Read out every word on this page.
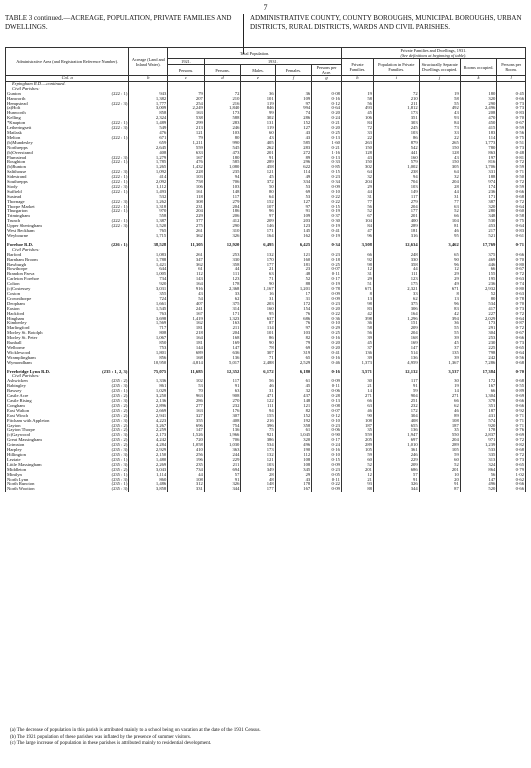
7
TABLE 3 continued.—ACREAGE, POPULATION, PRIVATE FAMILIES AND DWELLINGS.
ADMINISTRATIVE COUNTY, COUNTY BOROUGHS, MUNICIPAL BOROUGHS, URBAN DISTRICTS, RURAL DISTRICTS, WARDS AND CIVIL PARISHES.
Administrative Area (and Registration Reference Number).	Acreage (Land and Inland Water).	Total Population.					Private Families and Dwellings, 1931.
(See definitions at beginning of table).				
		1921.	1931.				Private Families.	Population in Private Families.	Structurally Separate Dwellings occupied.	Rooms occupied.	Persons per Room.
		Persons.	Persons.	Males.	Females.	Persons per Acre.					
Col. a	b	c	d	e	f	g	h	i	j	k	l
Erpingham R.D.—continued.											
Civil Parishes:											
Gunton (222 : 1)	943	79	72	36	36	0·08	19	72	19	180	0·45
Hanworth	1,382	207	210	101	109	0·16	58	210	58	320	0·66
Hempstead (222 : 3)	1,777	254	216	119	97	0·12	56	211	55	290	0·73
(a)Holt	3,009	2,249	1,840	846	994	0·64	493	1,812	492	2,496	0·73
Hunworth	858	163	173	99	74	0·20	45	173	43	208	0·83
Kelling	2,324	538	588	302	286	0·24	106	351	93	470	0·70
*Knapton (222 : 1)	1,489	299	283	131	152	0·21	84	303	84	450	0·67
Letheringsett (222 : 3)	549	213	246	119	127	0·20	72	245	73	415	0·59
Matlask	476	121	103	60	43	0·25	33	103	33	183	0·56
Melton (222 : 1)	671	79	80	43	43	0·13	22	86	22	114	0·75
(b)Mundesley	659	1,211	990	405	585	1·60	263	879	265	1,773	0·51
Northrepps	2,645	559	545	262	283	0·21	150	542	150	780	0·73
(b)Overstrand	408	633	473	201	272	1·16	128	441	128	863	0·48
Plumstead (222 : 3)	1,279	167	180	91	89	0·13	43	160	43	197	0·81
Roughton (222 : 1)	1,785	476	585	289	296	0·33	150	579	150	816	0·72
(b)Runton	1,265	1,432	1,080	458	622	0·85	302	1,002	305	1,706	0·59
Saltthouse (222 : 3)	1,092	228	235	121	114	0·15	64	238	64	331	0·71
Sidestrand (222 : 1)	414	103	94	45	49	0·23	32	94	32	188	0·50
Southrepps (222 : 1)	2,092	758	706	372	334	0·34	204	704	204	974	0·72
Stody (222 : 3)	1,112	106	103	50	53	0·09	29	103	28	174	0·59
Suffield (222 : 1)	1,493	161	148	80	69	0·10	44	149	44	236	0·66
Sustead	532	118	117	64	53	0·22	31	117	31	171	0·68
Thornage (222 : 3)	1,262	308	279	152	127	0·22	77	279	77	387	0·72
Thorpe Market (222 : 1)	1,318	231	204	107	97	0·15	56	204	63	320	0·64
Thurgarton (222 : 1)	970	204	186	96	91	0·19	52	177	52	280	0·60
Trimingham	558	229	206	97	109	0·37	67	201	66	348	0·58
Trunch (222 : 1)	1,387	377	412	209	203	0·30	104	400	104	530	0·75
Upper Sheringham (222 : 3)	1,520	275	290	146	123	0·19	84	289	81	453	0·64
West Beckham	765	261	310	171	145	0·41	47	181	46	217	0·83
Weybourne	1,715	362	326	164	162	0·19	96	316	95	521	0·61

Forehoe R.D. (226 : 1)	38,528	11,305	12,920	6,495	6,425	0·34	3,508	12,634	3,462	17,769	0·71
Civil Parishes:											
Barford	1,083	261	253	132	121	0·23	66	248	65	375	0·66
Barnham Broom	1,788	347	330	170	160	0·18	92	330	90	469	0·70
Bawburgh	1,421	362	358	177	181	0·25	98	358	96	446	0·80
Bowthorpe	644	61	44	21	23	0·07	12	44	12	66	0·67
Brandon Parva	1,005	112	111	63	48	0·11	31	111	29	155	0·72
Carleton Forehoe	734	143	123	71	52	0·17	29	123	29	195	0·63
Colton	920	164	178	90	88	0·19	51	175	49	236	0·74
(c)Costessey	3,031	916	2,368	1,167	1,201	0·78	671	2,321	671	2,932	0·80
Coston	355	43	33	16	17	0·09	8	33	8	52	0·63
Crownthorpe	724	54	62	31	31	0·09	13	62	13	80	0·78
Deopham	1,661	407	375	203	172	0·23	98	375	96	534	0·70
Easton	1,545	241	314	160	154	0·20	83	306	83	417	0·73
Hackford	763	167	171	95	76	0·22	42	164	42	227	0·72
Hingham	3,698	1,419	1,323	637	686	0·36	398	1,296	394	2,029	0·64
Kimberley	1,569	162	163	87	76	0·10	36	151	36	173	0·87
Marlingford	717	181	211	114	97	0·29	58	209	55	291	0·72
Morley St. Botolph	808	218	204	101	103	0·25	56	204	55	304	0·67
Morley St. Peter	1,067	164	168	86	82	0·16	39	168	39	253	0·66
Runhall	850	181	169	90	79	0·20	45	169	45	230	0·73
Welborne	753	144	147	78	69	0·20	37	147	37	225	0·65
Wicklewood	1,801	689	636	307	319	0·41	136	514	135	798	0·64
Wramplingham	856	168	136	71	65	0·16	39	136	39	242	0·56
Wymondham	10,950	4,814	5,017	2,488	2,529	0·46	1,373	4,959	1,367	7,286	0·68

Freebridge Lynn R.D. (235 : 1, 2, 3)	75,075	11,685	12,352	6,172	6,180	0·16	3,571	12,132	3,537	17,384	0·70
Civil Parishes:											
Ashwicken (235 : 2)	1,336	102	117	56	61	0·09	30	117	30	172	0·68
Babingley (235 : 3)	861	53	91	46	45	0·11	21	91	19	167	0·55
Bawsey (235 : 1)	1,029	70	63	31	32	0·06	14	59	14	66	0·89
Castle Acre (235 : 2)	3,250	963	908	471	437	0·28	271	904	271	1,304	0·69
Castle Rising (235 : 3)	2,136	286	270	122	148	0·13	66	251	66	378	0·66
Congham (235 : 2)	2,896	277	232	111	121	0·08	63	232	62	351	0·66
East Walton (235 : 2)	2,669	163	176	94	82	0·07	46	172	46	187	0·92
East Winch (235 : 2)	2,941	327	307	155	152	0·12	90	304	89	431	0·71
Fitcham with Appleton (235 : 3)	4,223	355	408	216	192	0·10	108	408	108	574	0·71
Gayton (235 : 2)	3,267	696	754	396	358	0·23	187	655	187	920	0·71
Gayton Thorpe (235 : 2)	2,259	147	136	75	61	0·06	35	136	35	178	0·76
(c)Gaywood (235 : 3)	2,173	1,526	1,966	921	1,045	0·90	559	1,947	550	2,837	0·69
Great Massingham (235 : 2)	4,242	720	706	386	320	0·17	205	697	204	971	0·72
Grimston (235 : 2)	4,284	1,058	1,030	534	496	0·24	289	1,010	289	1,239	0·82
Harpley (235 : 3)	2,929	410	363	173	190	0·16	105	361	105	533	0·68
Hillington (235 : 3)	2,150	256	244	132	112	0·10	59	246	59	335	0·72
Leziate (235 : 1)	1,480	196	229	121	108	0·15	60	229	60	313	0·73
Little Massingham (235 : 3)	2,269	235	211	103	108	0·09	52	209	52	324	0·65
Middleton (235 : 2)	3,043	734	694	349	345	0·23	201	686	201	864	0·79
Mintlyn (235 : 1)	1,114	44	57	28	29	0·05	12	57	10	56	1·02
North Lynn (235 : 3)	860	108	91	48	43	0·11	21	91	20	147	0·62
North Runcton (235 : 1)	1,486	312	326	148	178	0·22	93	326	91	496	0·66
North Wootton (235 : 3)	3,858	331	344	177	167	0·09	88	344	87	520	0·66
(a) The decrease of population in this parish is attributed mainly to a school being on vacation at the date of the 1931 Census.
(b) The 1921 population of these parishes was inflated by the presence of summer visitors.
(c) The large increase of population in these parishes is attributed mainly to residential development.
